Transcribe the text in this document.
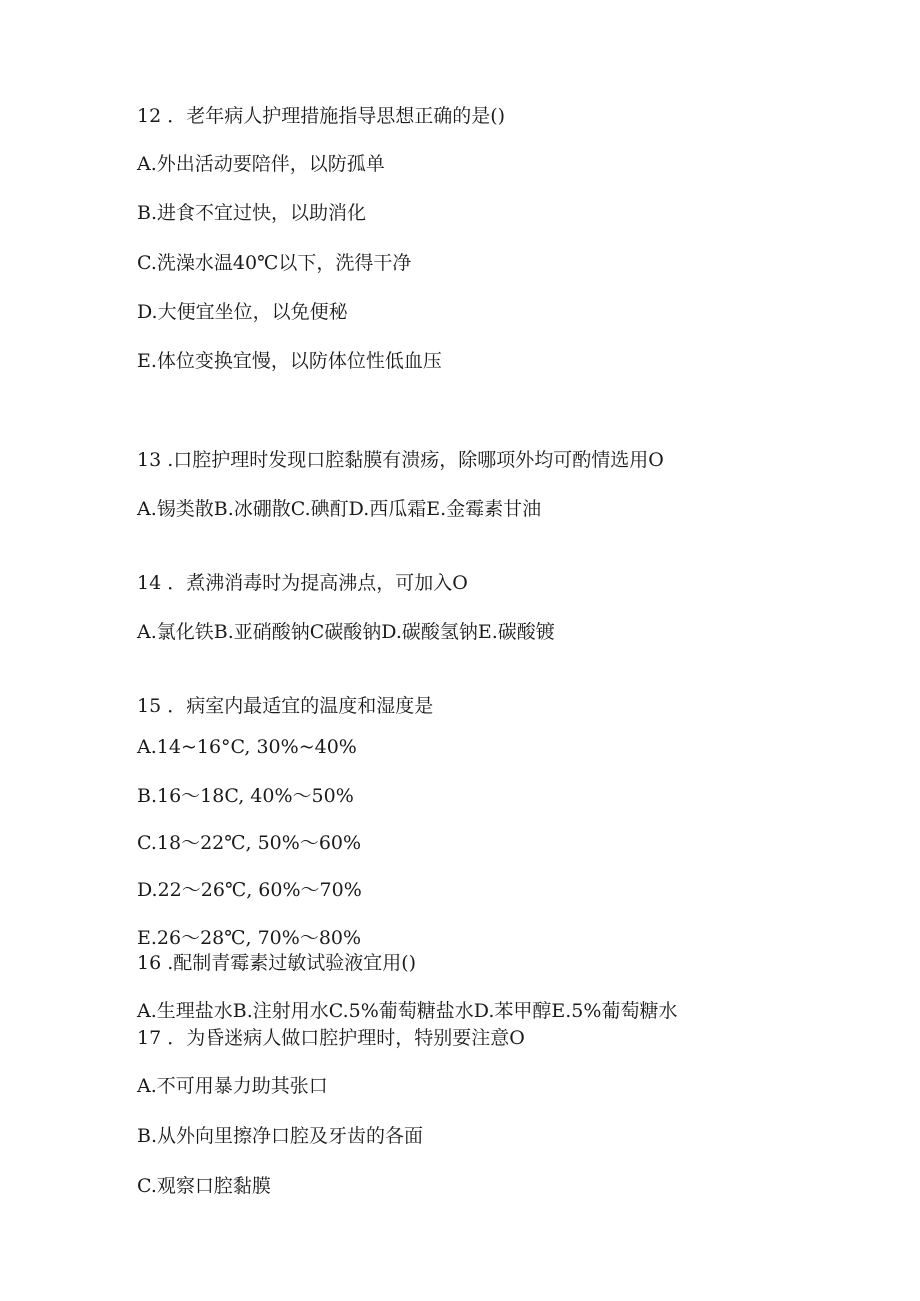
12 ．老年病人护理措施指导思想正确的是()
A.外出活动要陪伴，以防孤单
B.进食不宜过快，以助消化
C.洗澡水温40℃以下，洗得干净
D.大便宜坐位，以免便秘
E.体位变换宜慢，以防体位性低血压
13 .口腔护理时发现口腔黏膜有溃疡，除哪项外均可酌情选用O
A.锡类散B.冰硼散C.碘酊D.西瓜霜E.金霉素甘油
14 ．煮沸消毒时为提高沸点，可加入O
A.氯化铁B.亚硝酸钠C碳酸钠D.碳酸氢钠E.碳酸镀
15 ．病室内最适宜的温度和湿度是
A.14~16°C, 30%~40%
B.16～18C, 40%～50%
C.18～22℃, 50%～60%
D.22～26℃, 60%～70%
E.26～28℃, 70%～80%
16 .配制青霉素过敏试验液宜用()
A.生理盐水B.注射用水C.5%葡萄糖盐水D.苯甲醇E.5%葡萄糖水
17 ．为昏迷病人做口腔护理时，特别要注意O
A.不可用暴力助其张口
B.从外向里擦净口腔及牙齿的各面
C.观察口腔黏膜
